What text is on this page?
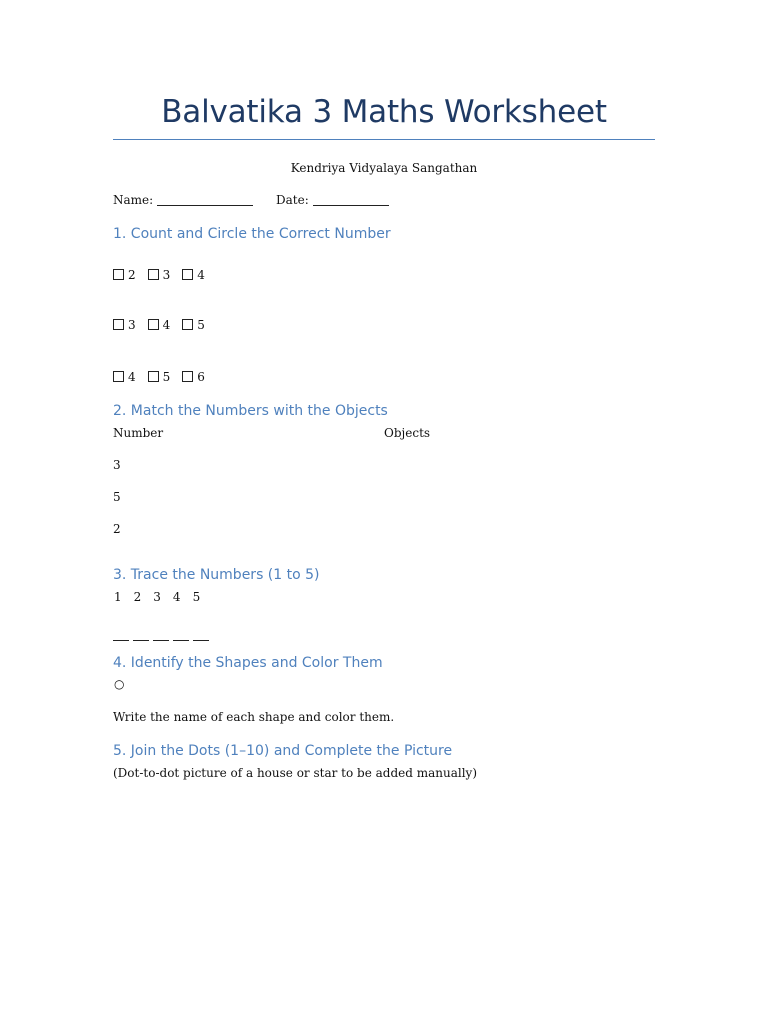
Balvatika 3 Maths Worksheet
Kendriya Vidyalaya Sangathan
Name:	Date:
1. Count and Circle the Correct Number
2 3 4
3 4 5
4 5 6
2. Match the Numbers with the Objects
Number	Objects
3
5
2
3. Trace the Numbers (1 to 5)
1 2 3 4 5
4. Identify the Shapes and Color Them
○
Write the name of each shape and color them.
5. Join the Dots (1–10) and Complete the Picture
(Dot-to-dot picture of a house or star to be added manually)
